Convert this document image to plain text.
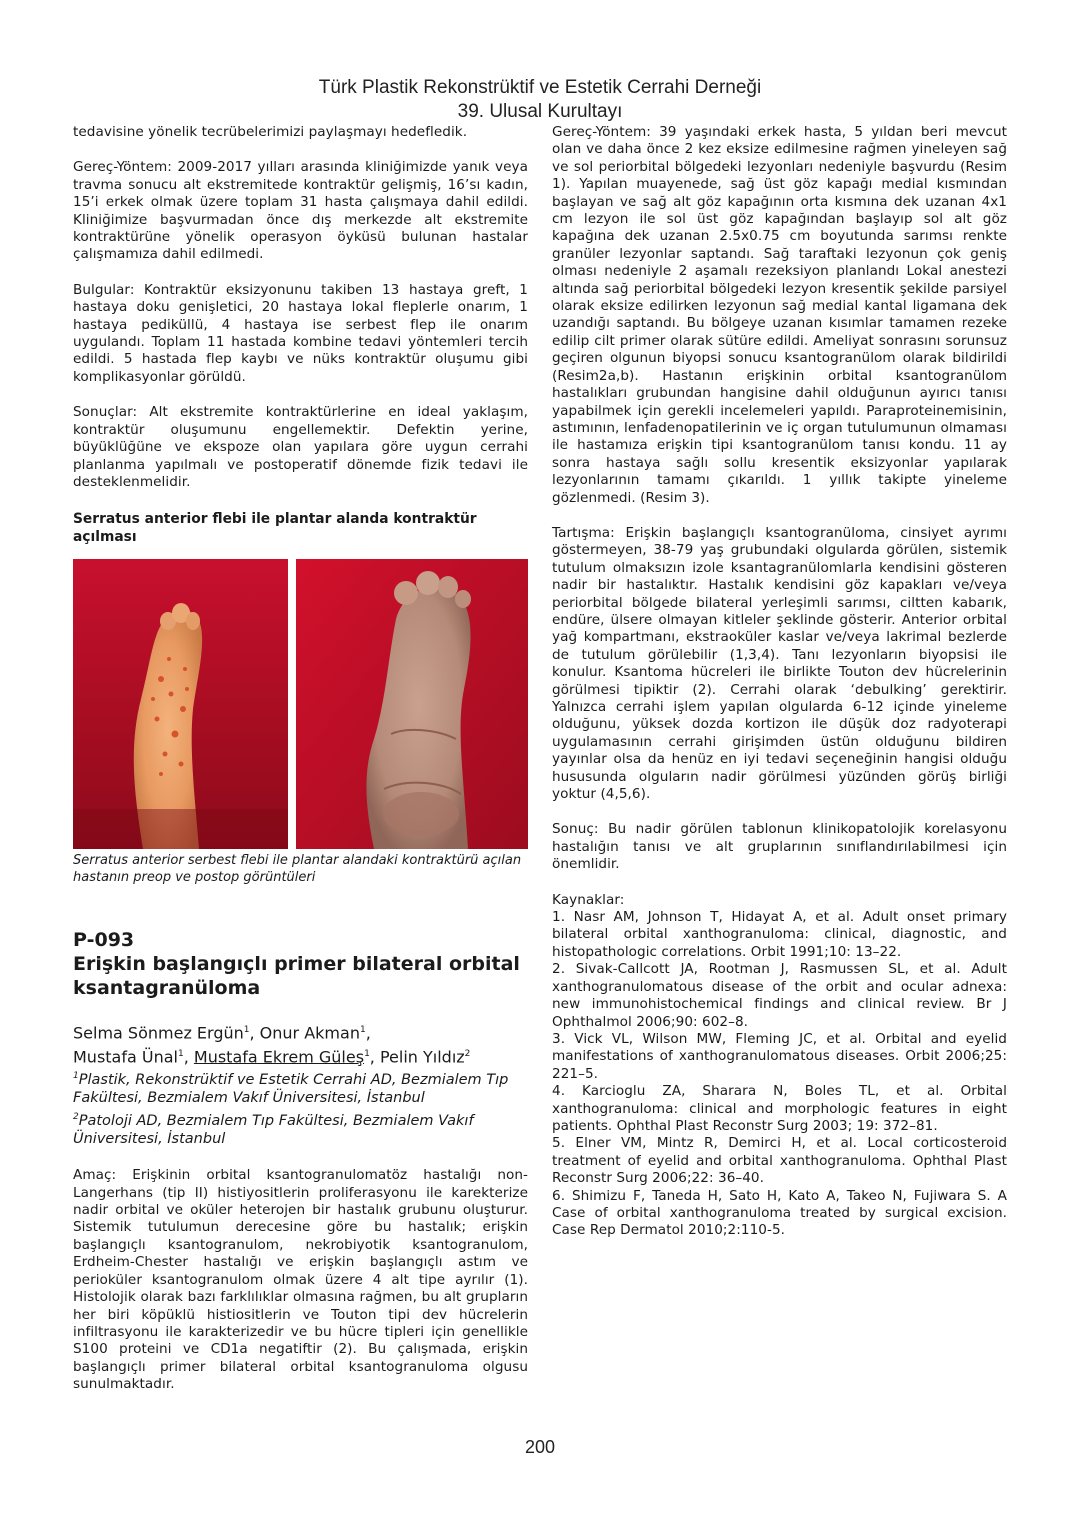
Türk Plastik Rekonstrüktif ve Estetik Cerrahi Derneği
39. Ulusal Kurultayı

tedavisine yönelik tecrübelerimizi paylaşmayı hedefledik.

Gereç-Yöntem: 2009-2017 yılları arasında kliniğimizde yanık veya travma sonucu alt ekstremitede kontraktür gelişmiş, 16’sı kadın, 15’i erkek olmak üzere toplam 31 hasta çalışmaya dahil edildi. Kliniğimize başvurmadan önce dış merkezde alt ekstremite kontraktürüne yönelik operasyon öyküsü bulunan hastalar çalışmamıza dahil edilmedi.

Bulgular: Kontraktür eksizyonunu takiben 13 hastaya greft, 1 hastaya doku genişletici, 20 hastaya lokal fleplerle onarım, 1 hastaya pediküllü, 4 hastaya ise serbest flep ile onarım uygulandı. Toplam 11 hastada kombine tedavi yöntemleri tercih edildi. 5 hastada flep kaybı ve nüks kontraktür oluşumu gibi komplikasyonlar görüldü.

Sonuçlar: Alt ekstremite kontraktürlerine en ideal yaklaşım, kontraktür oluşumunu engellemektir. Defektin yerine, büyüklüğüne ve ekspoze olan yapılara göre uygun cerrahi planlanma yapılmalı ve postoperatif dönemde fizik tedavi ile desteklenmelidir.

Serratus anterior flebi ile plantar alanda kontraktür açılması

Serratus anterior serbest flebi ile plantar alandaki kontraktürü açılan hastanın preop ve postop görüntüleri

P-093

Erişkin başlangıçlı primer bilateral orbital ksantagranüloma

Selma Sönmez Ergün$^1$, Onur Akman$^1$,
Mustafa Ünal$^1$, Mustafa Ekrem Güleş$^1$, Pelin Yıldız$^2$

$^1$Plastik, Rekonstrüktif ve Estetik Cerrahi AD, Bezmialem Tıp Fakültesi, Bezmialem Vakıf Üniversitesi, İstanbul

$^2$Patoloji AD, Bezmialem Tıp Fakültesi, Bezmialem Vakıf Üniversitesi, İstanbul

Amaç: Erişkinin orbital ksantogranulomatöz hastalığı non-Langerhans (tip II) histiyositlerin proliferasyonu ile karekterize nadir orbital ve oküler heterojen bir hastalık grubunu oluşturur. Sistemik tutulumun derecesine göre bu hastalık; erişkin başlangıçlı ksantogranulom, nekrobiyotik ksantogranulom, Erdheim-Chester hastalığı ve erişkin başlangıçlı astım ve perioküler ksantogranulom olmak üzere 4 alt tipe ayrılır (1). Histolojik olarak bazı farklılıklar olmasına rağmen, bu alt grupların her biri köpüklü histiositlerin ve Touton tipi dev hücrelerin infiltrasyonu ile karakterizedir ve bu hücre tipleri için genellikle S100 proteini ve CD1a negatiftir (2). Bu çalışmada, erişkin başlangıçlı primer bilateral orbital ksantogranuloma olgusu sunulmaktadır.

Gereç-Yöntem: 39 yaşındaki erkek hasta, 5 yıldan beri mevcut olan ve daha önce 2 kez eksize edilmesine rağmen yineleyen sağ ve sol periorbital bölgedeki lezyonları nedeniyle başvurdu (Resim 1). Yapılan muayenede, sağ üst göz kapağı medial kısmından başlayan ve sağ alt göz kapağının orta kısmına dek uzanan 4x1 cm lezyon ile sol üst göz kapağından başlayıp sol alt göz kapağına dek uzanan 2.5x0.75 cm boyutunda sarımsı renkte granüler lezyonlar saptandı. Sağ taraftaki lezyonun çok geniş olması nedeniyle 2 aşamalı rezeksiyon planlandı Lokal anestezi altında sağ periorbital bölgedeki lezyon kresentik şekilde parsiyel olarak eksize edilirken lezyonun sağ medial kantal ligamana dek uzandığı saptandı. Bu bölgeye uzanan kısımlar tamamen rezeke edilip cilt primer olarak sütüre edildi. Ameliyat sonrasını sorunsuz geçiren olgunun biyopsi sonucu ksantogranülom olarak bildirildi (Resim2a,b). Hastanın erişkinin orbital ksantogranülom hastalıkları grubundan hangisine dahil olduğunun ayırıcı tanısı yapabilmek için gerekli incelemeleri yapıldı. Paraproteinemisinin, astımının, lenfadenopatilerinin ve iç organ tutulumunun olmaması ile hastamıza erişkin tipi ksantogranülom tanısı kondu. 11 ay sonra hastaya sağlı sollu kresentik eksizyonlar yapılarak lezyonlarının tamamı çıkarıldı. 1 yıllık takipte yineleme gözlenmedi. (Resim 3).

Tartışma: Erişkin başlangıçlı ksantogranüloma, cinsiyet ayrımı göstermeyen, 38-79 yaş grubundaki olgularda görülen, sistemik tutulum olmaksızın izole ksantagranülomlarla kendisini gösteren nadir bir hastalıktır. Hastalık kendisini göz kapakları ve/veya periorbital bölgede bilateral yerleşimli sarımsı, ciltten kabarık, endüre, ülsere olmayan kitleler şeklinde gösterir. Anterior orbital yağ kompartmanı, ekstraoküler kaslar ve/veya lakrimal bezlerde de tutulum görülebilir (1,3,4). Tanı lezyonların biyopsisi ile konulur. Ksantoma hücreleri ile birlikte Touton dev hücrelerinin görülmesi tipiktir (2). Cerrahi olarak ‘debulking’ gerektirir. Yalnızca cerrahi işlem yapılan olgularda 6-12 içinde yineleme olduğunu, yüksek dozda kortizon ile düşük doz radyoterapi uygulamasının cerrahi girişimden üstün olduğunu bildiren yayınlar olsa da henüz en iyi tedavi seçeneğinin hangisi olduğu hususunda olguların nadir görülmesi yüzünden görüş birliği yoktur (4,5,6).

Sonuç: Bu nadir görülen tablonun klinikopatolojik korelasyonu hastalığın tanısı ve alt gruplarının sınıflandırılabilmesi için önemlidir.

Kaynaklar:

1. Nasr AM, Johnson T, Hidayat A, et al. Adult onset primary bilateral orbital xanthogranuloma: clinical, diagnostic, and histopathologic correlations. Orbit 1991;10: 13–22.

2. Sivak-Callcott JA, Rootman J, Rasmussen SL, et al. Adult xanthogranulomatous disease of the orbit and ocular adnexa: new immunohistochemical findings and clinical review. Br J Ophthalmol 2006;90: 602–8.

3. Vick VL, Wilson MW, Fleming JC, et al. Orbital and eyelid manifestations of xanthogranulomatous diseases. Orbit 2006;25: 221–5.

4. Karcioglu ZA, Sharara N, Boles TL, et al. Orbital xanthogranuloma: clinical and morphologic features in eight patients. Ophthal Plast Reconstr Surg 2003; 19: 372–81.

5. Elner VM, Mintz R, Demirci H, et al. Local corticosteroid treatment of eyelid and orbital xanthogranuloma. Ophthal Plast Reconstr Surg 2006;22: 36–40.

6. Shimizu F, Taneda H, Sato H, Kato A, Takeo N, Fujiwara S. A Case of orbital xanthogranuloma treated by surgical excision. Case Rep Dermatol 2010;2:110-5.

200
